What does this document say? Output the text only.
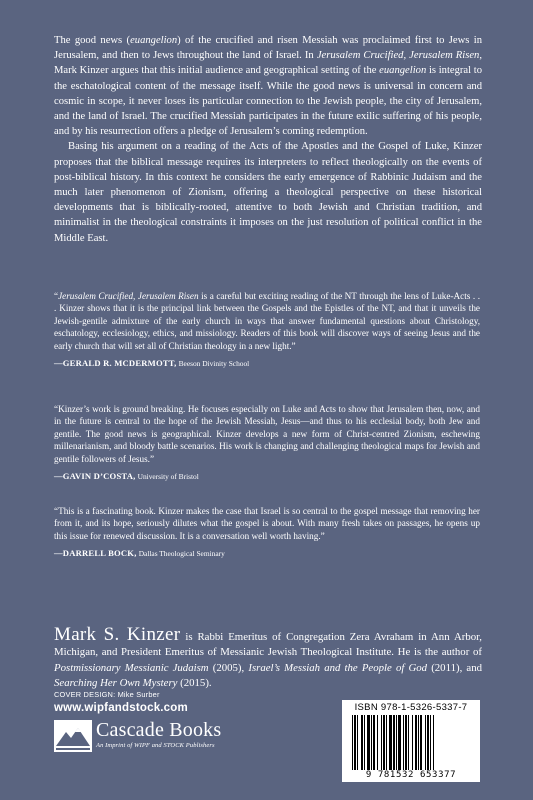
The good news (euangelion) of the crucified and risen Messiah was proclaimed first to Jews in Jerusalem, and then to Jews throughout the land of Israel. In Jerusalem Crucified, Jerusalem Risen, Mark Kinzer argues that this initial audience and geographical setting of the euangelion is integral to the eschatological content of the message itself. While the good news is universal in concern and cosmic in scope, it never loses its particular connection to the Jewish people, the city of Jerusalem, and the land of Israel. The crucified Messiah participates in the future exilic suffering of his people, and by his resurrection offers a pledge of Jerusalem’s coming redemption.

Basing his argument on a reading of the Acts of the Apostles and the Gospel of Luke, Kinzer proposes that the biblical message requires its interpreters to reflect theologically on the events of post-biblical history. In this context he considers the early emergence of Rabbinic Judaism and the much later phenomenon of Zionism, offering a theological perspective on these historical developments that is biblically-rooted, attentive to both Jewish and Christian tradition, and minimalist in the theological constraints it imposes on the just resolution of political conflict in the Middle East.

“Jerusalem Crucified, Jerusalem Risen is a careful but exciting reading of the NT through the lens of Luke-Acts . . . Kinzer shows that it is the principal link between the Gospels and the Epistles of the NT, and that it unveils the Jewish-gentile admixture of the early church in ways that answer fundamental questions about Christology, eschatology, ecclesiology, ethics, and missiology. Readers of this book will discover ways of seeing Jesus and the early church that will set all of Christian theology in a new light.”

—GERALD R. MCDERMOTT, Beeson Divinity School

“Kinzer’s work is ground breaking. He focuses especially on Luke and Acts to show that Jerusalem then, now, and in the future is central to the hope of the Jewish Messiah, Jesus—and thus to his ecclesial body, both Jew and gentile. The good news is geographical. Kinzer develops a new form of Christ-centred Zionism, eschewing millenarianism, and bloody battle scenarios. His work is changing and challenging theological maps for Jewish and gentile followers of Jesus.”

—GAVIN D’COSTA, University of Bristol

“This is a fascinating book. Kinzer makes the case that Israel is so central to the gospel message that removing her from it, and its hope, seriously dilutes what the gospel is about. With many fresh takes on passages, he opens up this issue for renewed discussion. It is a conversation well worth having.”

—DARRELL BOCK, Dallas Theological Seminary
Mark S. Kinzer is Rabbi Emeritus of Congregation Zera Avraham in Ann Arbor, Michigan, and President Emeritus of Messianic Jewish Theological Institute. He is the author of Postmissionary Messianic Judaism (2005), Israel’s Messiah and the People of God (2011), and Searching Her Own Mystery (2015).
COVER DESIGN: Mike Surber
www.wipfandstock.com
Cascade Books
An Imprint of WIPF and STOCK Publishers
ISBN 978-1-5326-5337-7
9 781532 653377
